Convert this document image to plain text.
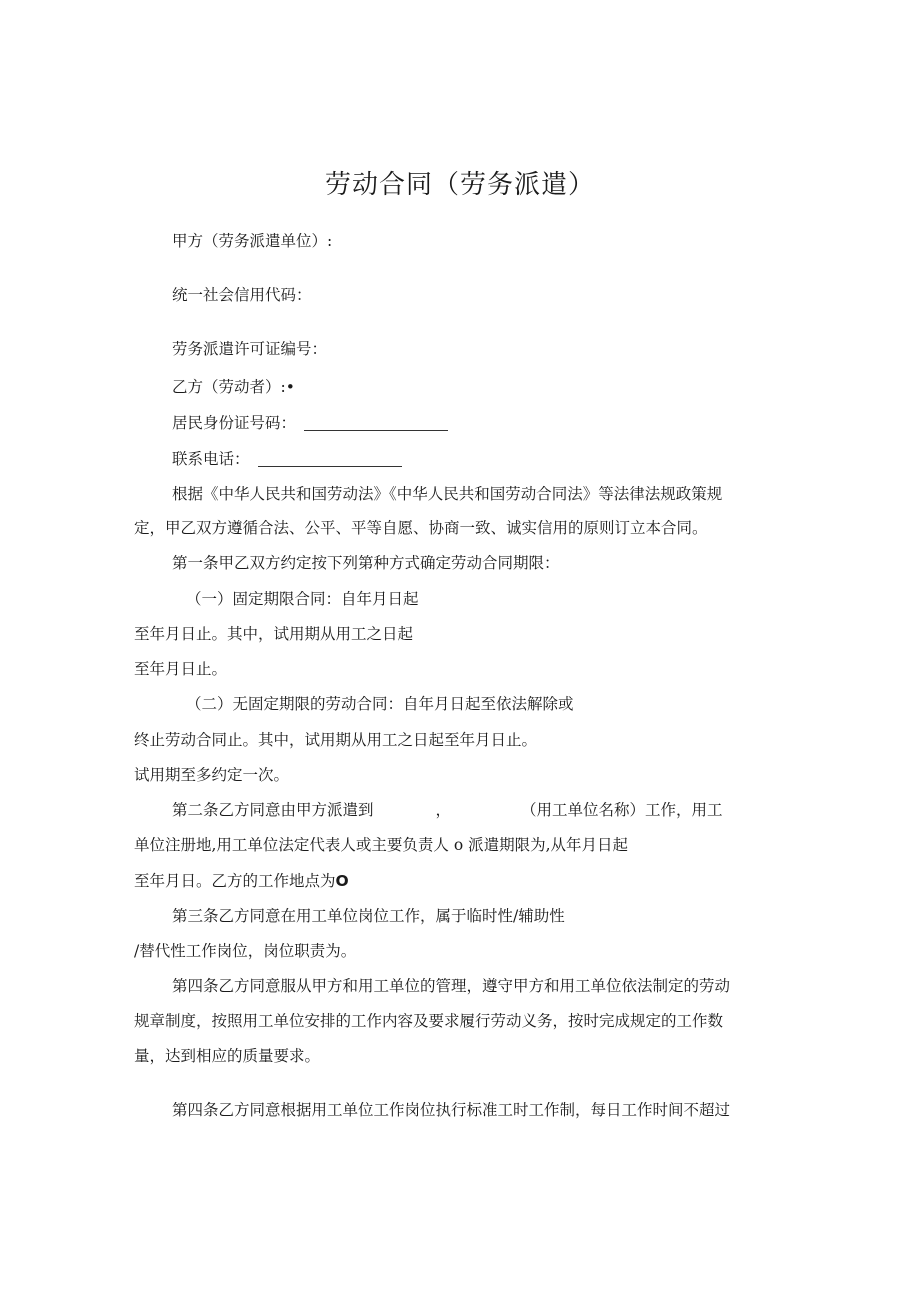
劳动合同（劳务派遣）
甲方（劳务派遣单位）:
统一社会信用代码：
劳务派遣许可证编号：
乙方（劳动者）:•
居民身份证号码：
联系电话：
根据《中华人民共和国劳动法》《中华人民共和国劳动合同法》等法律法规政策规
定，甲乙双方遵循合法、公平、平等自愿、协商一致、诚实信用的原则订立本合同。
第一条甲乙双方约定按下列第种方式确定劳动合同期限：
（一）固定期限合同：自年月日起
至年月日止。其中，试用期从用工之日起
至年月日止。
（二）无固定期限的劳动合同：自年月日起至依法解除或
终止劳动合同止。其中，试用期从用工之日起至年月日止。
试用期至多约定一次。
第二条乙方同意由甲方派遣到	，	（用工单位名称）工作，用工
单位注册地,用工单位法定代表人或主要负责人 o 派遣期限为,从年月日起
至年月日。乙方的工作地点为O
第三条乙方同意在用工单位岗位工作，属于临时性/辅助性
/替代性工作岗位，岗位职责为。
第四条乙方同意服从甲方和用工单位的管理，遵守甲方和用工单位依法制定的劳动
规章制度，按照用工单位安排的工作内容及要求履行劳动义务，按时完成规定的工作数
量，达到相应的质量要求。
第四条乙方同意根据用工单位工作岗位执行标准工时工作制，每日工作时间不超过
